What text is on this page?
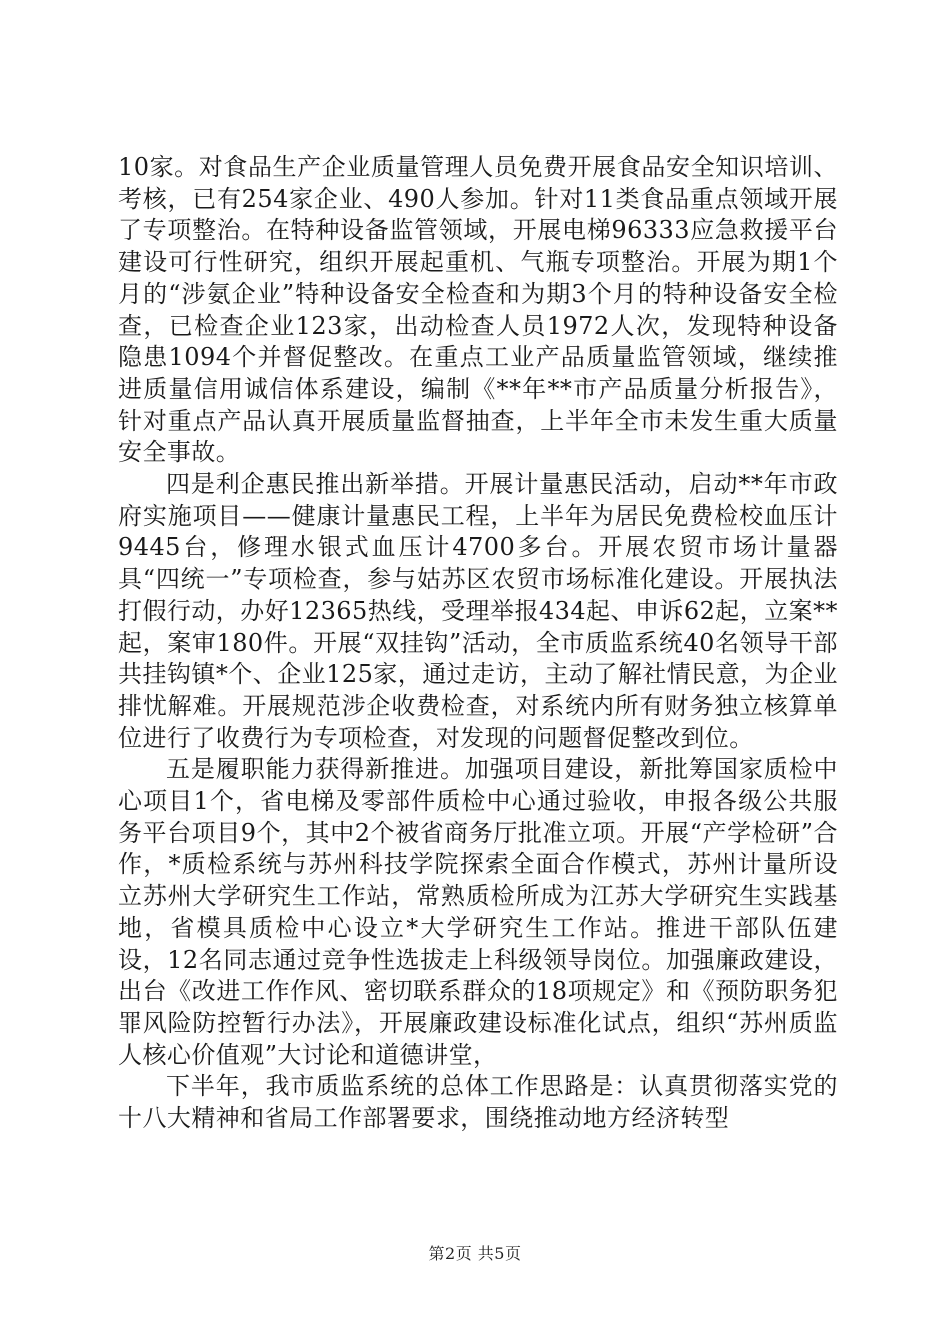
10家。对食品生产企业质量管理人员免费开展食品安全知识培训、考核，已有254家企业、490人参加。针对11类食品重点领域开展了专项整治。在特种设备监管领域，开展电梯96333应急救援平台建设可行性研究，组织开展起重机、气瓶专项整治。开展为期1个月的“涉氨企业”特种设备安全检查和为期3个月的特种设备安全检查，已检查企业123家，出动检查人员1972人次，发现特种设备隐患1094个并督促整改。在重点工业产品质量监管领域，继续推进质量信用诚信体系建设，编制《**年**市产品质量分析报告》，针对重点产品认真开展质量监督抽查，上半年全市未发生重大质量安全事故。

四是利企惠民推出新举措。开展计量惠民活动，启动**年市政府实施项目——健康计量惠民工程，上半年为居民免费检校血压计9445台，修理水银式血压计4700多台。开展农贸市场计量器具“四统一”专项检查，参与姑苏区农贸市场标准化建设。开展执法打假行动，办好12365热线，受理举报434起、申诉62起，立案**起，案审180件。开展“双挂钩”活动，全市质监系统40名领导干部共挂钩镇*个、企业125家，通过走访，主动了解社情民意，为企业排忧解难。开展规范涉企收费检查，对系统内所有财务独立核算单位进行了收费行为专项检查，对发现的问题督促整改到位。

五是履职能力获得新推进。加强项目建设，新批筹国家质检中心项目1个，省电梯及零部件质检中心通过验收，申报各级公共服务平台项目9个，其中2个被省商务厅批准立项。开展“产学检研”合作，*质检系统与苏州科技学院探索全面合作模式，苏州计量所设立苏州大学研究生工作站，常熟质检所成为江苏大学研究生实践基地，省模具质检中心设立*大学研究生工作站。推进干部队伍建设，12名同志通过竞争性选拔走上科级领导岗位。加强廉政建设，出台《改进工作作风、密切联系群众的18项规定》和《预防职务犯罪风险防控暂行办法》，开展廉政建设标准化试点，组织“苏州质监人核心价值观”大讨论和道德讲堂，

下半年，我市质监系统的总体工作思路是：认真贯彻落实党的十八大精神和省局工作部署要求，围绕推动地方经济转型

第2页 共5页
